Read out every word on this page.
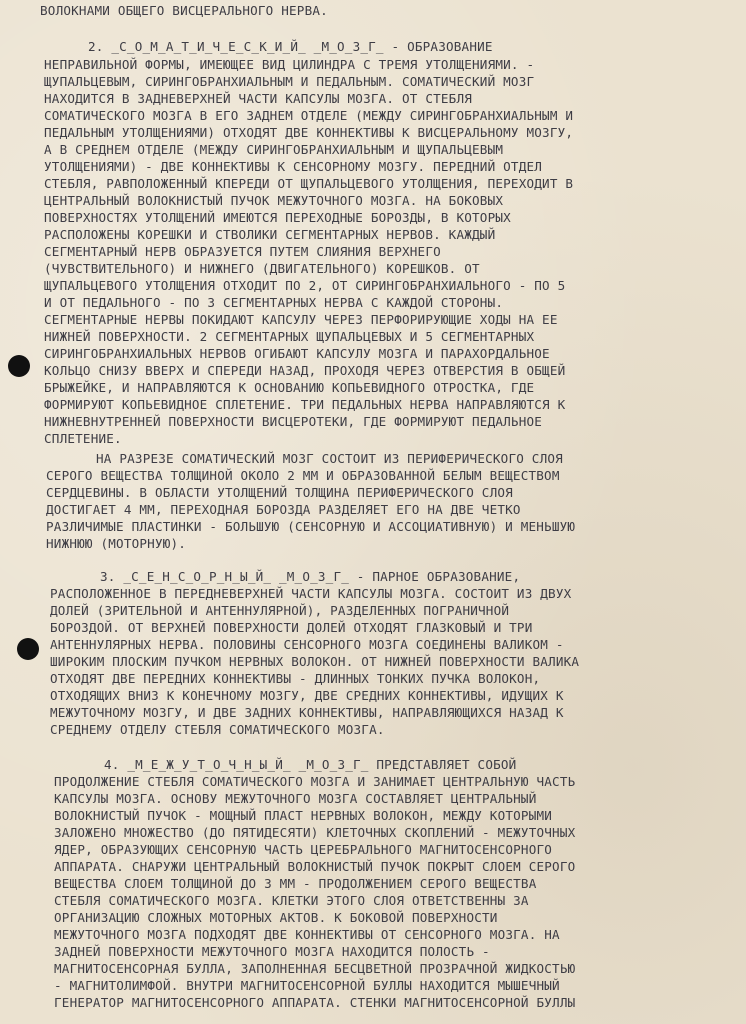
ВОЛОКНАМИ ОБЩЕГО ВИСЦЕРАЛЬНОГО НЕРВА.
2. _С_О_М_А_Т_И_Ч_Е_С_К_И_Й_ _М_О_З_Г_ - ОБРАЗОВАНИЕ
НЕПРАВИЛЬНОЙ ФОРМЫ, ИМЕЮЩЕЕ ВИД ЦИЛИНДРА С ТРЕМЯ УТОЛЩЕНИЯМИ. -
ЩУПАЛЬЦЕВЫМ, СИРИНГОБРАНХИАЛЬНЫМ И ПЕДАЛЬНЫМ. СОМАТИЧЕСКИЙ МОЗГ
НАХОДИТСЯ В ЗАДНЕВЕРХНЕЙ ЧАСТИ КАПСУЛЫ МОЗГА. ОТ СТЕБЛЯ
СОМАТИЧЕСКОГО МОЗГА В ЕГО ЗАДНЕМ ОТДЕЛЕ (МЕЖДУ СИРИНГОБРАНХИАЛЬНЫМ И
ПЕДАЛЬНЫМ УТОЛЩЕНИЯМИ) ОТХОДЯТ ДВЕ КОННЕКТИВЫ К ВИСЦЕРАЛЬНОМУ МОЗГУ,
А В СРЕДНЕМ ОТДЕЛЕ (МЕЖДУ СИРИНГОБРАНХИАЛЬНЫМ И ЩУПАЛЬЦЕВЫМ
УТОЛЩЕНИЯМИ) - ДВЕ КОННЕКТИВЫ К СЕНСОРНОМУ МОЗГУ. ПЕРЕДНИЙ ОТДЕЛ
СТЕБЛЯ, РАВПОЛОЖЕННЫЙ КПЕРЕДИ ОТ ЩУПАЛЬЦЕВОГО УТОЛЩЕНИЯ, ПЕРЕХОДИТ В
ЦЕНТРАЛЬНЫЙ ВОЛОКНИСТЫЙ ПУЧОК МЕЖУТОЧНОГО МОЗГА. НА БОКОВЫХ
ПОВЕРХНОСТЯХ УТОЛЩЕНИЙ ИМЕЮТСЯ ПЕРЕХОДНЫЕ БОРОЗДЫ, В КОТОРЫХ
РАСПОЛОЖЕНЫ КОРЕШКИ И СТВОЛИКИ СЕГМЕНТАРНЫХ НЕРВОВ. КАЖДЫЙ
СЕГМЕНТАРНЫЙ НЕРВ ОБРАЗУЕТСЯ ПУТЕМ СЛИЯНИЯ ВЕРХНЕГО
(ЧУВСТВИТЕЛЬНОГО) И НИЖНЕГО (ДВИГАТЕЛЬНОГО) КОРЕШКОВ. ОТ
ЩУПАЛЬЦЕВОГО УТОЛЩЕНИЯ ОТХОДИТ ПО 2, ОТ СИРИНГОБРАНХИАЛЬНОГО - ПО 5
И ОТ ПЕДАЛЬНОГО - ПО 3 СЕГМЕНТАРНЫХ НЕРВА С КАЖДОЙ СТОРОНЫ.
СЕГМЕНТАРНЫЕ НЕРВЫ ПОКИДАЮТ КАПСУЛУ ЧЕРЕЗ ПЕРФОРИРУЮЩИЕ ХОДЫ НА ЕЕ
НИЖНЕЙ ПОВЕРХНОСТИ. 2 СЕГМЕНТАРНЫХ ЩУПАЛЬЦЕВЫХ И 5 СЕГМЕНТАРНЫХ
СИРИНГОБРАНХИАЛЬНЫХ НЕРВОВ ОГИБАЮТ КАПСУЛУ МОЗГА И ПАРАХОРДАЛЬНОЕ
КОЛЬЦО СНИЗУ ВВЕРХ И СПЕРЕДИ НАЗАД, ПРОХОДЯ ЧЕРЕЗ ОТВЕРСТИЯ В ОБЩЕЙ
БРЫЖЕЙКЕ, И НАПРАВЛЯЮТСЯ К ОСНОВАНИЮ КОПЬЕВИДНОГО ОТРОСТКА, ГДЕ
ФОРМИРУЮТ КОПЬЕВИДНОЕ СПЛЕТЕНИЕ. ТРИ ПЕДАЛЬНЫХ НЕРВА НАПРАВЛЯЮТСЯ К
НИЖНЕВНУТРЕННЕЙ ПОВЕРХНОСТИ ВИСЦЕРОТЕКИ, ГДЕ ФОРМИРУЮТ ПЕДАЛЬНОЕ
СПЛЕТЕНИЕ.
НА РАЗРЕЗЕ СОМАТИЧЕСКИЙ МОЗГ СОСТОИТ ИЗ ПЕРИФЕРИЧЕСКОГО СЛОЯ
СЕРОГО ВЕЩЕСТВА ТОЛЩИНОЙ ОКОЛО 2 ММ И ОБРАЗОВАННОЙ БЕЛЫМ ВЕЩЕСТВОМ
СЕРДЦЕВИНЫ. В ОБЛАСТИ УТОЛЩЕНИЙ ТОЛЩИНА ПЕРИФЕРИЧЕСКОГО СЛОЯ
ДОСТИГАЕТ 4 ММ, ПЕРЕХОДНАЯ БОРОЗДА РАЗДЕЛЯЕТ ЕГО НА ДВЕ ЧЕТКО
РАЗЛИЧИМЫЕ ПЛАСТИНКИ - БОЛЬШУЮ (СЕНСОРНУЮ И АССОЦИАТИВНУЮ) И МЕНЬШУЮ
НИЖНЮЮ (МОТОРНУЮ).
3. _С_Е_Н_С_О_Р_Н_Ы_Й_ _М_О_З_Г_ - ПАРНОЕ ОБРАЗОВАНИЕ,
РАСПОЛОЖЕННОЕ В ПЕРЕДНЕВЕРХНЕЙ ЧАСТИ КАПСУЛЫ МОЗГА. СОСТОИТ ИЗ ДВУХ
ДОЛЕЙ (ЗРИТЕЛЬНОЙ И АНТЕННУЛЯРНОЙ), РАЗДЕЛЕННЫХ ПОГРАНИЧНОЙ
БОРОЗДОЙ. ОТ ВЕРХНЕЙ ПОВЕРХНОСТИ ДОЛЕЙ ОТХОДЯТ ГЛАЗКОВЫЙ И ТРИ
АНТЕННУЛЯРНЫХ НЕРВА. ПОЛОВИНЫ СЕНСОРНОГО МОЗГА СОЕДИНЕНЫ ВАЛИКОМ -
ШИРОКИМ ПЛОСКИМ ПУЧКОМ НЕРВНЫХ ВОЛОКОН. ОТ НИЖНЕЙ ПОВЕРХНОСТИ ВАЛИКА
ОТХОДЯТ ДВЕ ПЕРЕДНИХ КОННЕКТИВЫ - ДЛИННЫХ ТОНКИХ ПУЧКА ВОЛОКОН,
ОТХОДЯЩИХ ВНИЗ К КОНЕЧНОМУ МОЗГУ, ДВЕ СРЕДНИХ КОННЕКТИВЫ, ИДУЩИХ К
МЕЖУТОЧНОМУ МОЗГУ, И ДВЕ ЗАДНИХ КОННЕКТИВЫ, НАПРАВЛЯЮЩИХСЯ НАЗАД К
СРЕДНЕМУ ОТДЕЛУ СТЕБЛЯ СОМАТИЧЕСКОГО МОЗГА.
4. _М_Е_Ж_У_Т_О_Ч_Н_Ы_Й_ _М_О_З_Г_ ПРЕДСТАВЛЯЕТ СОБОЙ
ПРОДОЛЖЕНИЕ СТЕБЛЯ СОМАТИЧЕСКОГО МОЗГА И ЗАНИМАЕТ ЦЕНТРАЛЬНУЮ ЧАСТЬ
КАПСУЛЫ МОЗГА. ОСНОВУ МЕЖУТОЧНОГО МОЗГА СОСТАВЛЯЕТ ЦЕНТРАЛЬНЫЙ
ВОЛОКНИСТЫЙ ПУЧОК - МОЩНЫЙ ПЛАСТ НЕРВНЫХ ВОЛОКОН, МЕЖДУ КОТОРЫМИ
ЗАЛОЖЕНО МНОЖЕСТВО (ДО ПЯТИДЕСЯТИ) КЛЕТОЧНЫХ СКОПЛЕНИЙ - МЕЖУТОЧНЫХ
ЯДЕР, ОБРАЗУЮЩИХ СЕНСОРНУЮ ЧАСТЬ ЦЕРЕБРАЛЬНОГО МАГНИТОСЕНСОРНОГО
АППАРАТА. СНАРУЖИ ЦЕНТРАЛЬНЫЙ ВОЛОКНИСТЫЙ ПУЧОК ПОКРЫТ СЛОЕМ СЕРОГО
ВЕЩЕСТВА СЛОЕМ ТОЛЩИНОЙ ДО 3 ММ - ПРОДОЛЖЕНИЕМ СЕРОГО ВЕЩЕСТВА
СТЕБЛЯ СОМАТИЧЕСКОГО МОЗГА. КЛЕТКИ ЭТОГО СЛОЯ ОТВЕТСТВЕННЫ ЗА
ОРГАНИЗАЦИЮ СЛОЖНЫХ МОТОРНЫХ АКТОВ. К БОКОВОЙ ПОВЕРХНОСТИ
МЕЖУТОЧНОГО МОЗГА ПОДХОДЯТ ДВЕ КОННЕКТИВЫ ОТ СЕНСОРНОГО МОЗГА. НА
ЗАДНЕЙ ПОВЕРХНОСТИ МЕЖУТОЧНОГО МОЗГА НАХОДИТСЯ ПОЛОСТЬ -
МАГНИТОСЕНСОРНАЯ БУЛЛА, ЗАПОЛНЕННАЯ БЕСЦВЕТНОЙ ПРОЗРАЧНОЙ ЖИДКОСТЬЮ
- МАГНИТОЛИМФОЙ. ВНУТРИ МАГНИТОСЕНСОРНОЙ БУЛЛЫ НАХОДИТСЯ МЫШЕЧНЫЙ
ГЕНЕРАТОР МАГНИТОСЕНСОРНОГО АППАРАТА. СТЕНКИ МАГНИТОСЕНСОРНОЙ БУЛЛЫ
